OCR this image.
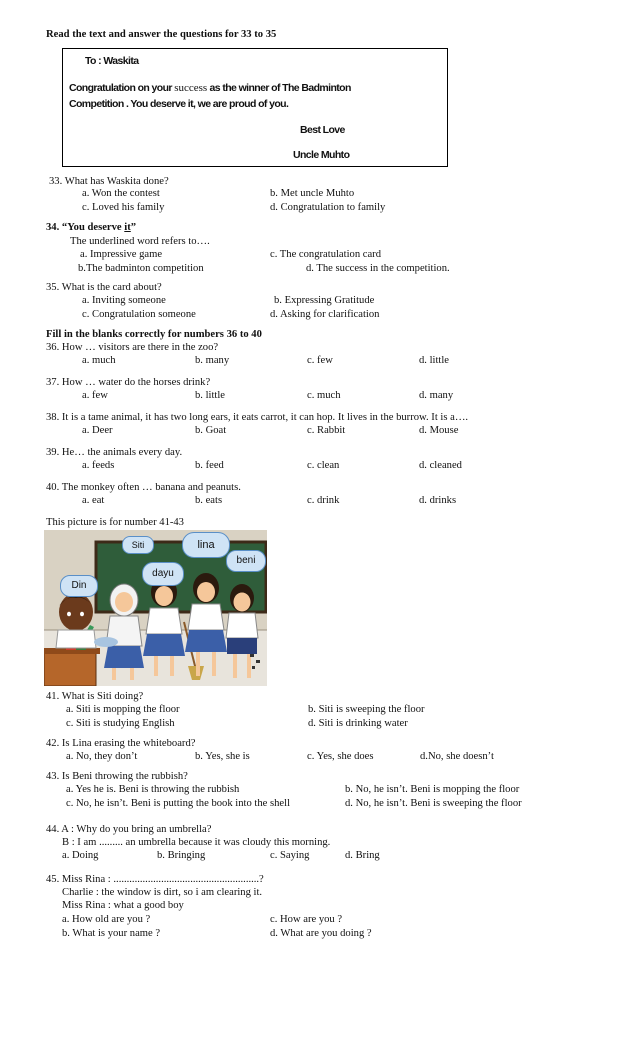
Read the text and answer the questions for 33 to 35
To : Waskita
Congratulation on your success as the winner of The Badminton
Competition . You deserve it, we are proud of you.
Best Love
Uncle Muhto
33. What has Waskita done?
a. Won the contest	b. Met uncle Muhto
c. Loved his family	d. Congratulation to family
34. “You deserve it”
The underlined word refers to….
a. Impressive game	c. The congratulation card
b.The badminton competition	d. The success in the competition.
35. What is the card about?
a. Inviting someone	b. Expressing Gratitude
c. Congratulation someone	d. Asking for clarification
Fill in the blanks correctly for numbers 36 to 40
36. How … visitors are there in the zoo?
a. much	b. many	c. few	d. little
37. How … water do the horses drink?
a. few	b. little	c. much	d. many
38. It is a tame animal, it has two long ears, it eats carrot, it can hop. It lives in the burrow. It is a….
a. Deer	b. Goat	c. Rabbit	d. Mouse
39. He… the animals every day.
a. feeds	b. feed	c. clean	d. cleaned
40. The monkey often … banana and peanuts.
a. eat	b. eats	c. drink	d. drinks
This picture is for number 41-43
Siti	lina
beni
dayu
Din
41. What is Siti doing?
a. Siti is mopping the floor	b. Siti is sweeping the floor
c. Siti is studying English	d. Siti is drinking water
42. Is Lina erasing the whiteboard?
a. No, they don’t	b. Yes, she is	c. Yes, she does	d.No, she doesn’t
43. Is Beni throwing the rubbish?
a. Yes he is. Beni is throwing the rubbish	b. No, he isn’t. Beni is mopping the floor
c. No, he isn’t. Beni is putting the book into the shell	d. No, he isn’t. Beni is sweeping the floor
44. A : Why do you bring an umbrella?
B : I am ......... an umbrella because it was cloudy this morning.
a. Doing	b. Bringing	c. Saying	d. Bring
45. Miss Rina : .......................................................?
Charlie : the window is dirt, so i am clearing it.
Miss Rina : what a good boy
a. How old are you ?	c. How are you ?
b. What is your name ?	d. What are you doing ?
